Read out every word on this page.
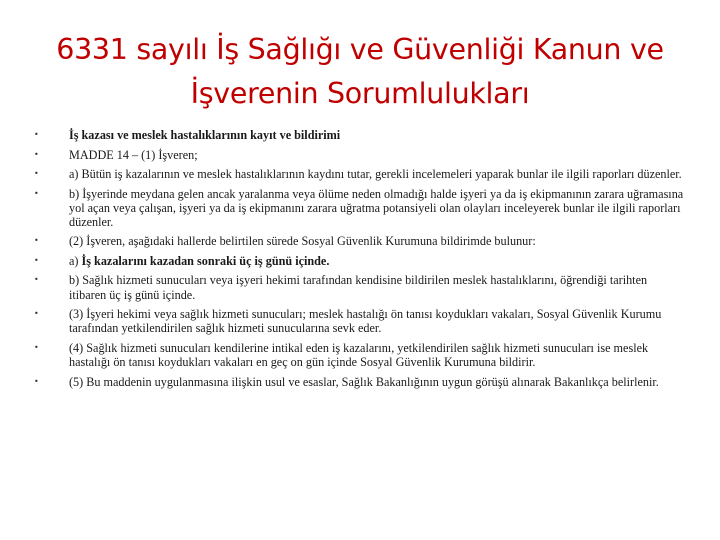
6331 sayılı İş Sağlığı ve Güvenliği Kanun ve
İşverenin Sorumlulukları
•	İş kazası ve meslek hastalıklarının kayıt ve bildirimi
•	MADDE 14 – (1) İşveren;
•	a) Bütün iş kazalarının ve meslek hastalıklarının kaydını tutar, gerekli incelemeleri yaparak bunlar ile ilgili raporları düzenler.
•	b) İşyerinde meydana gelen ancak yaralanma veya ölüme neden olmadığı halde işyeri ya da iş ekipmanının zarara uğramasına yol açan veya çalışan, işyeri ya da iş ekipmanını zarara uğratma potansiyeli olan olayları inceleyerek bunlar ile ilgili raporları düzenler.
•	(2) İşveren, aşağıdaki hallerde belirtilen sürede Sosyal Güvenlik Kurumuna bildirimde bulunur:
•	a) İş kazalarını kazadan sonraki üç iş günü içinde.
•	b) Sağlık hizmeti sunucuları veya işyeri hekimi tarafından kendisine bildirilen meslek hastalıklarını, öğrendiği tarihten itibaren üç iş günü içinde.
•	(3) İşyeri hekimi veya sağlık hizmeti sunucuları; meslek hastalığı ön tanısı koydukları vakaları, Sosyal Güvenlik Kurumu tarafından yetkilendirilen sağlık hizmeti sunucularına sevk eder.
•	(4) Sağlık hizmeti sunucuları kendilerine intikal eden iş kazalarını, yetkilendirilen sağlık hizmeti sunucuları ise meslek hastalığı ön tanısı koydukları vakaları en geç on gün içinde Sosyal Güvenlik Kurumuna bildirir.
•	(5) Bu maddenin uygulanmasına ilişkin usul ve esaslar, Sağlık Bakanlığının uygun görüşü alınarak Bakanlıkça belirlenir.
